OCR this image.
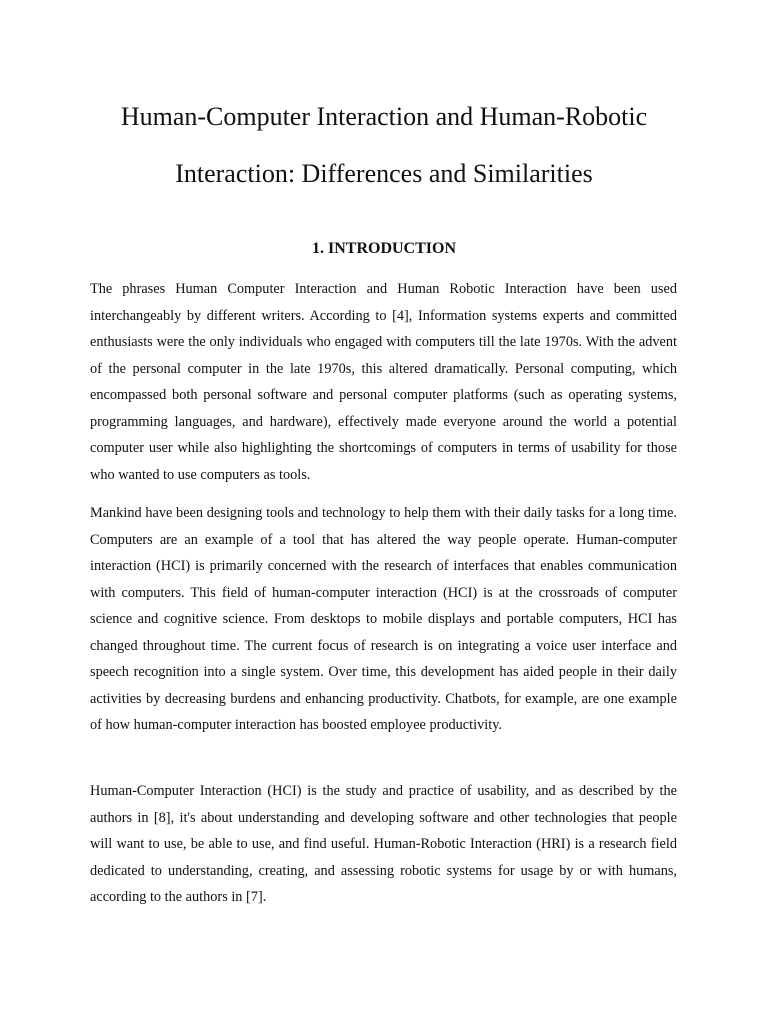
Human-Computer Interaction and Human-Robotic
Interaction: Differences and Similarities
1. INTRODUCTION

The phrases Human Computer Interaction and Human Robotic Interaction have been used interchangeably by different writers. According to [4], Information systems experts and committed enthusiasts were the only individuals who engaged with computers till the late 1970s. With the advent of the personal computer in the late 1970s, this altered dramatically. Personal computing, which encompassed both personal software and personal computer platforms (such as operating systems, programming languages, and hardware), effectively made everyone around the world a potential computer user while also highlighting the shortcomings of computers in terms of usability for those who wanted to use computers as tools.

Mankind have been designing tools and technology to help them with their daily tasks for a long time. Computers are an example of a tool that has altered the way people operate. Human-computer interaction (HCI) is primarily concerned with the research of interfaces that enables communication with computers. This field of human-computer interaction (HCI) is at the crossroads of computer science and cognitive science. From desktops to mobile displays and portable computers, HCI has changed throughout time. The current focus of research is on integrating a voice user interface and speech recognition into a single system. Over time, this development has aided people in their daily activities by decreasing burdens and enhancing productivity. Chatbots, for example, are one example of how human-computer interaction has boosted employee productivity.

Human-Computer Interaction (HCI) is the study and practice of usability, and as described by the authors in [8], it's about understanding and developing software and other technologies that people will want to use, be able to use, and find useful. Human-Robotic Interaction (HRI) is a research field dedicated to understanding, creating, and assessing robotic systems for usage by or with humans, according to the authors in [7].
